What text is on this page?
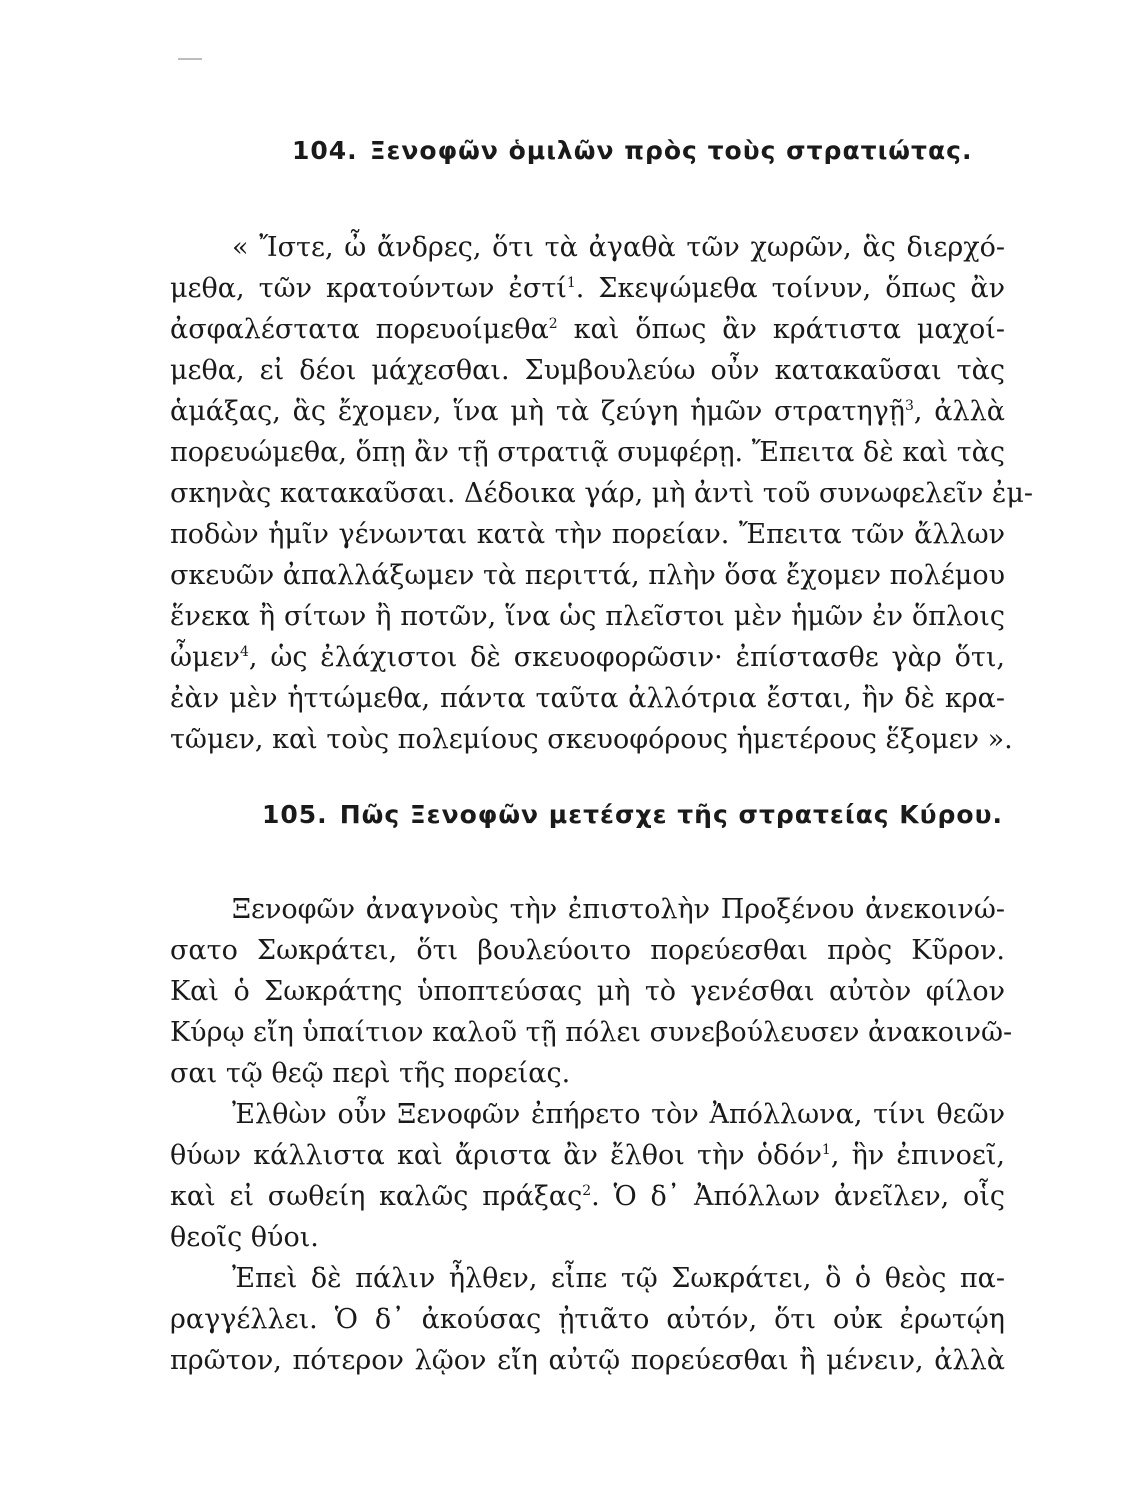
104. Ξενοφῶν ὁμιλῶν πρὸς τοὺς στρατιώτας.
« Ἴστε, ὦ ἄνδρες, ὅτι τὰ ἀγαθὰ τῶν χωρῶν, ἃς διερχό-
μεθα, τῶν κρατούντων ἐστί$^1$. Σκεψώμεθα τοίνυν, ὅπως ἂν
ἀσφαλέστατα πορευοίμεθα$^2$ καὶ ὅπως ἂν κράτιστα μαχοί-
μεθα, εἰ δέοι μάχεσθαι. Συμβουλεύω οὖν κατακαῦσαι τὰς
ἁμάξας, ἃς ἔχομεν, ἵνα μὴ τὰ ζεύγη ἡμῶν στρατηγῇ$^3$, ἀλλὰ
πορευώμεθα, ὅπῃ ἂν τῇ στρατιᾷ συμφέρῃ. Ἔπειτα δὲ καὶ τὰς
σκηνὰς κατακαῦσαι. Δέδοικα γάρ, μὴ ἀντὶ τοῦ συνωφελεῖν ἐμ-
ποδὼν ἡμῖν γένωνται κατὰ τὴν πορείαν. Ἔπειτα τῶν ἄλλων
σκευῶν ἀπαλλάξωμεν τὰ περιττά, πλὴν ὅσα ἔχομεν πολέμου
ἕνεκα ἢ σίτων ἢ ποτῶν, ἵνα ὡς πλεῖστοι μὲν ἡμῶν ἐν ὅπλοις
ὦμεν$^4$, ὡς ἐλάχιστοι δὲ σκευοφορῶσιν· ἐπίστασθε γὰρ ὅτι,
ἐὰν μὲν ἡττώμεθα, πάντα ταῦτα ἀλλότρια ἔσται, ἢν δὲ κρα-
τῶμεν, καὶ τοὺς πολεμίους σκευοφόρους ἡμετέρους ἕξομεν ».
105. Πῶς Ξενοφῶν μετέσχε τῆς στρατείας Κύρου.
Ξενοφῶν ἀναγνοὺς τὴν ἐπιστολὴν Προξένου ἀνεκοινώ-
σατο Σωκράτει, ὅτι βουλεύοιτο πορεύεσθαι πρὸς Κῦρον.
Καὶ ὁ Σωκράτης ὑποπτεύσας μὴ τὸ γενέσθαι αὐτὸν φίλον
Κύρῳ εἴη ὑπαίτιον καλοῦ τῇ πόλει συνεβούλευσεν ἀνακοινῶ-
σαι τῷ θεῷ περὶ τῆς πορείας.
Ἐλθὼν οὖν Ξενοφῶν ἐπήρετο τὸν Ἀπόλλωνα, τίνι θεῶν
θύων κάλλιστα καὶ ἄριστα ἂν ἔλθοι τὴν ὁδόν$^1$, ἣν ἐπινοεῖ,
καὶ εἰ σωθείη καλῶς πράξας$^2$. Ὁ δ᾽ Ἀπόλλων ἀνεῖλεν, οἷς
θεοῖς θύοι.
Ἐπεὶ δὲ πάλιν ἦλθεν, εἶπε τῷ Σωκράτει, ὃ ὁ θεὸς πα-
ραγγέλλει. Ὁ δ᾽ ἀκούσας ᾐτιᾶτο αὐτόν, ὅτι οὐκ ἐρωτῴη
πρῶτον, πότερον λῷον εἴη αὐτῷ πορεύεσθαι ἢ μένειν, ἀλλὰ
